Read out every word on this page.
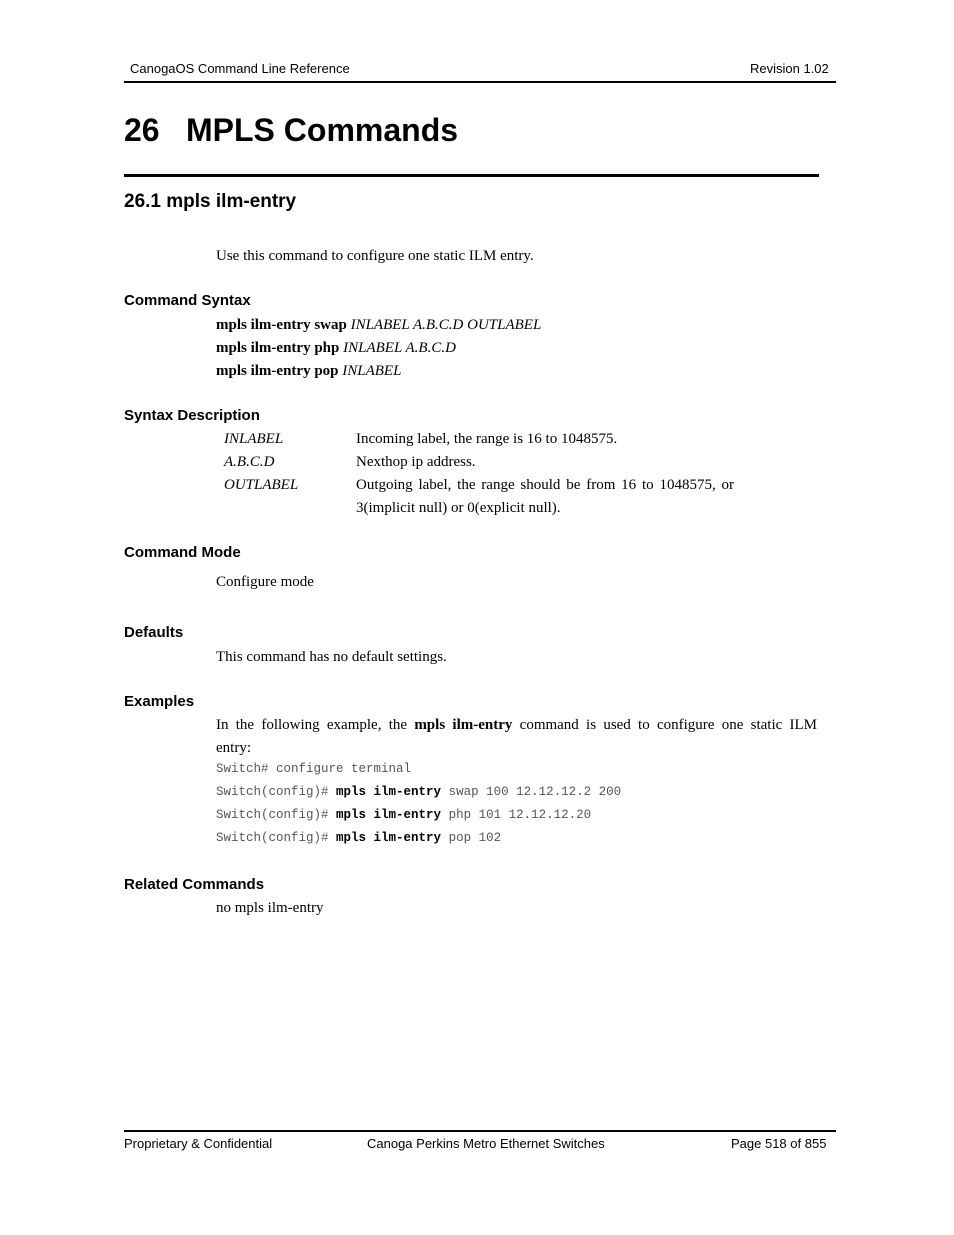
CanogaOS Command Line Reference	Revision 1.02
26 MPLS Commands
26.1 mpls ilm-entry
Use this command to configure one static ILM entry.
Command Syntax
mpls ilm-entry swap INLABEL A.B.C.D OUTLABEL
mpls ilm-entry php INLABEL A.B.C.D
mpls ilm-entry pop INLABEL
Syntax Description
INLABEL	Incoming label, the range is 16 to 1048575.
A.B.C.D	Nexthop ip address.
OUTLABEL	Outgoing label, the range should be from 16 to 1048575, or
3(implicit null) or 0(explicit null).
Command Mode
Configure mode
Defaults
This command has no default settings.
Examples
In the following example, the mpls ilm-entry command is used to configure one static ILM
entry:
Switch# configure terminal
Switch(config)# mpls ilm-entry swap 100 12.12.12.2 200
Switch(config)# mpls ilm-entry php 101 12.12.12.20
Switch(config)# mpls ilm-entry pop 102
Related Commands
no mpls ilm-entry
Proprietary & Confidential	Canoga Perkins Metro Ethernet Switches	Page 518 of 855
